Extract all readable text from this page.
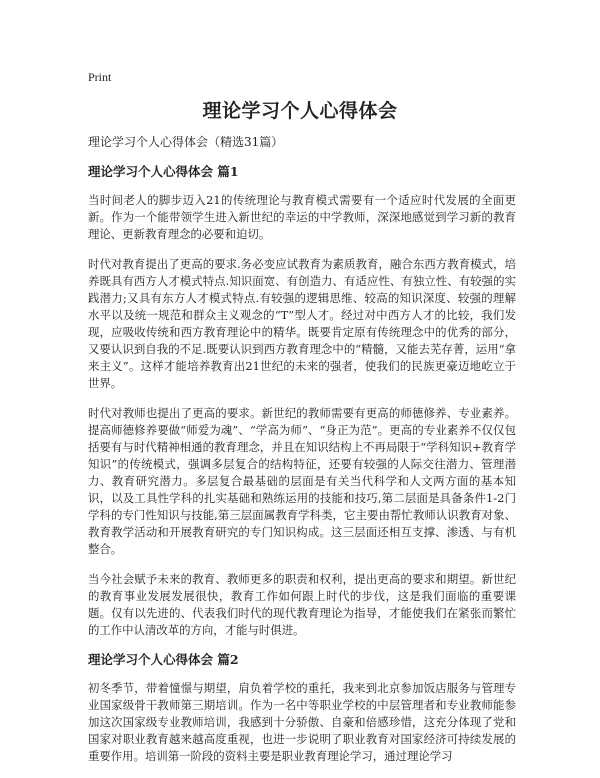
Print
理论学习个人心得体会
理论学习个人心得体会（精选31篇）
理论学习个人心得体会 篇1

当时间老人的脚步迈入21的传统理论与教育模式需要有一个适应时代发展的全面更新。作为一个能带领学生进入新世纪的幸运的中学教师，深深地感觉到学习新的教育理论、更新教育理念的必要和迫切。

时代对教育提出了更高的要求.务必变应试教育为素质教育，融合东西方教育模式，培养既具有西方人才模式特点.知识面宽、有创造力、有适应性、有独立性、有较强的实践潜力;又具有东方人才模式特点.有较强的逻辑思维、较高的知识深度、较强的理解水平以及统一规范和群众主义观念的“T”型人才。经过对中西方人才的比较，我们发现，应吸收传统和西方教育理论中的精华。既要肯定原有传统理念中的优秀的部分，又要认识到自我的不足.既要认识到西方教育理念中的“精髓，又能去芜存菁，运用“拿来主义”。这样才能培养教育出21世纪的未来的强者，使我们的民族更豪迈地屹立于世界。

时代对教师也提出了更高的要求。新世纪的教师需要有更高的师德修养、专业素养。提高师德修养要做“师爱为魂”、“学高为师”、“身正为范”。更高的专业素养不仅仅包括要有与时代精神相通的教育理念，并且在知识结构上不再局限于“学科知识+教育学知识”的传统模式，强调多层复合的结构特征，还要有较强的人际交往潜力、管理潜力、教育研究潜力。多层复合最基础的层面是有关当代科学和人文两方面的基本知识，以及工具性学科的扎实基础和熟练运用的技能和技巧,第二层面是具备条件1-2门学科的专门性知识与技能,第三层面属教育学科类，它主要由帮忙教师认识教育对象、教育教学活动和开展教育研究的专门知识构成。这三层面还相互支撑、渗透、与有机整合。

当今社会赋予未来的教育、教师更多的职责和权利，提出更高的要求和期望。新世纪的教育事业发展发展很快，教育工作如何跟上时代的步伐，这是我们面临的重要课题。仅有以先进的、代表我们时代的现代教育理论为指导，才能使我们在紧张而繁忙的工作中认清改革的方向，才能与时俱进。

理论学习个人心得体会 篇2

初冬季节，带着憧憬与期望，肩负着学校的重托，我来到北京参加饭店服务与管理专业国家级骨干教师第三期培训。作为一名中等职业学校的中层管理者和专业教师能参加这次国家级专业教师培训，我感到十分骄傲、自豪和倍感珍惜，这充分体现了党和国家对职业教育越来越高度重视，也进一步说明了职业教育对国家经济可持续发展的重要作用。培训第一阶段的资料主要是职业教育理论学习，通过理论学习
